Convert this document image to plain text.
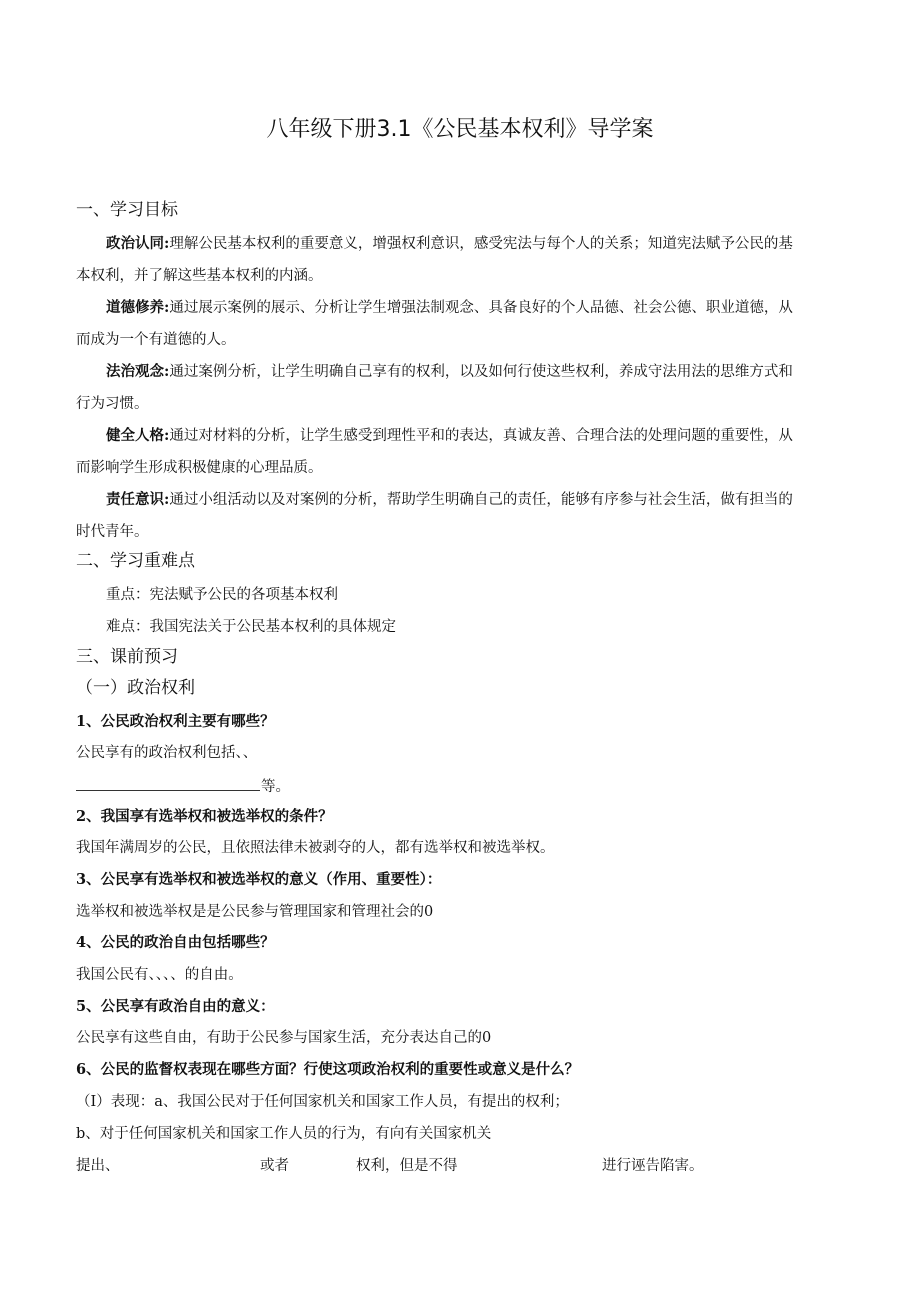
八年级下册3.1《公民基本权利》导学案
一、学习目标
政治认同:理解公民基本权利的重要意义，增强权利意识，感受宪法与每个人的关系；知道宪法赋予公民的基
本权利，并了解这些基本权利的内涵。
道德修养:通过展示案例的展示、分析让学生增强法制观念、具备良好的个人品德、社会公德、职业道德，从
而成为一个有道德的人。
法治观念:通过案例分析，让学生明确自己享有的权利，以及如何行使这些权利，养成守法用法的思维方式和
行为习惯。
健全人格:通过对材料的分析，让学生感受到理性平和的表达，真诚友善、合理合法的处理问题的重要性，从
而影响学生形成积极健康的心理品质。
责任意识:通过小组活动以及对案例的分析，帮助学生明确自己的责任，能够有序参与社会生活，做有担当的
时代青年。
二、学习重难点
重点：宪法赋予公民的各项基本权利
难点：我国宪法关于公民基本权利的具体规定
三、课前预习
（一）政治权利
1、公民政治权利主要有哪些？
公民享有的政治权利包括、、
等。
2、我国享有选举权和被选举权的条件？
我国年满周岁的公民，且依照法律未被剥夺的人，都有选举权和被选举权。
3、公民享有选举权和被选举权的意义（作用、重要性）：
选举权和被选举权是是公民参与管理国家和管理社会的0
4、公民的政治自由包括哪些？
我国公民有、、、、的自由。
5、公民享有政治自由的意义：
公民享有这些自由，有助于公民参与国家生活，充分表达自己的0
6、公民的监督权表现在哪些方面？行使这项政治权利的重要性或意义是什么？
（I）表现：a、我国公民对于任何国家机关和国家工作人员，有提出的权利；
b、对于任何国家机关和国家工作人员的行为，有向有关国家机关
提出、	或者	权利，但是不得	进行诬告陷害。
